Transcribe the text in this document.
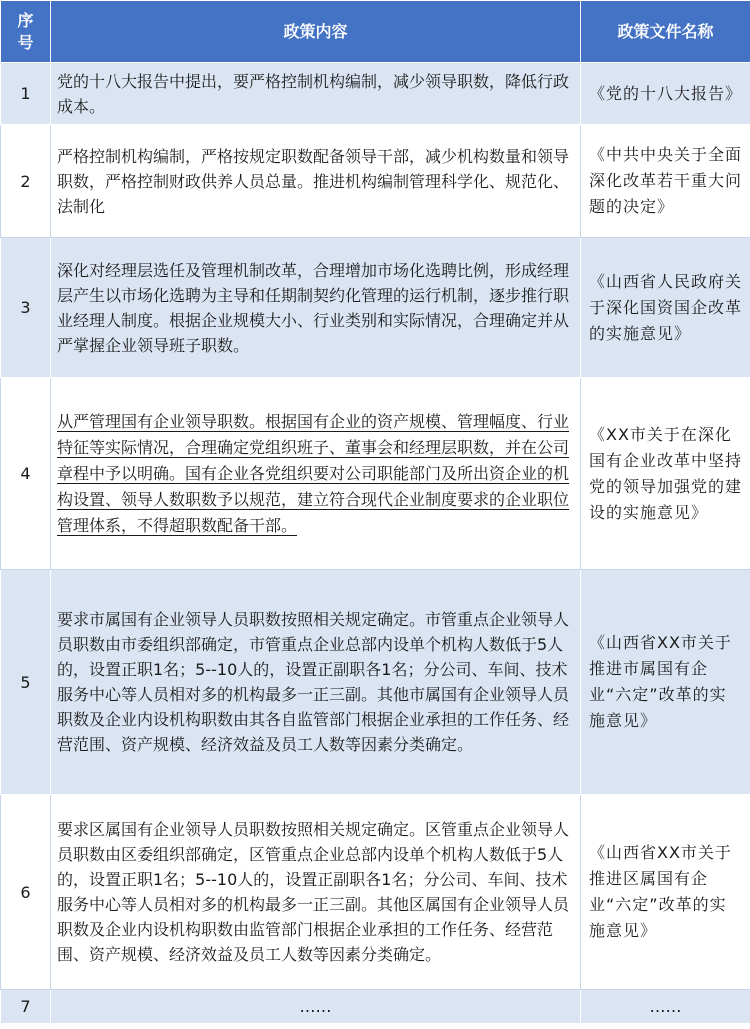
序号	政策内容	政策文件名称

1	党的十八大报告中提出，要严格控制机构编制，减少领导职数，降低行政成本。	《党的十八大报告》
2	严格控制机构编制，严格按规定职数配备领导干部，减少机构数量和领导职数，严格控制财政供养人员总量。推进机构编制管理科学化、规范化、法制化	《中共中央关于全面深化改革若干重大问题的决定》
3	深化对经理层选任及管理机制改革，合理增加市场化选聘比例，形成经理层产生以市场化选聘为主导和任期制契约化管理的运行机制，逐步推行职业经理人制度。根据企业规模大小、行业类别和实际情况，合理确定并从严掌握企业领导班子职数。	《山西省人民政府关于深化国资国企改革的实施意见》
4	从严管理国有企业领导职数。根据国有企业的资产规模、管理幅度、行业特征等实际情况，合理确定党组织班子、董事会和经理层职数，并在公司章程中予以明确。国有企业各党组织要对公司职能部门及所出资企业的机构设置、领导人数职数予以规范，建立符合现代企业制度要求的企业职位管理体系，不得超职数配备干部。	《XX市关于在深化国有企业改革中坚持党的领导加强党的建设的实施意见》
5	要求市属国有企业领导人员职数按照相关规定确定。市管重点企业领导人员职数由市委组织部确定，市管重点企业总部内设单个机构人数低于5人的，设置正职1名；5--10人的，设置正副职各1名；分公司、车间、技术服务中心等人员相对多的机构最多一正三副。其他市属国有企业领导人员职数及企业内设机构职数由其各自监管部门根据企业承担的工作任务、经营范围、资产规模、经济效益及员工人数等因素分类确定。	《山西省XX市关于推进市属国有企业“六定”改革的实施意见》
6	要求区属国有企业领导人员职数按照相关规定确定。区管重点企业领导人员职数由区委组织部确定，区管重点企业总部内设单个机构人数低于5人的，设置正职1名；5--10人的，设置正副职各1名；分公司、车间、技术服务中心等人员相对多的机构最多一正三副。其他区属国有企业领导人员职数及企业内设机构职数由监管部门根据企业承担的工作任务、经营范围、资产规模、经济效益及员工人数等因素分类确定。	《山西省XX市关于推进区属国有企业“六定”改革的实施意见》
7	……	……
